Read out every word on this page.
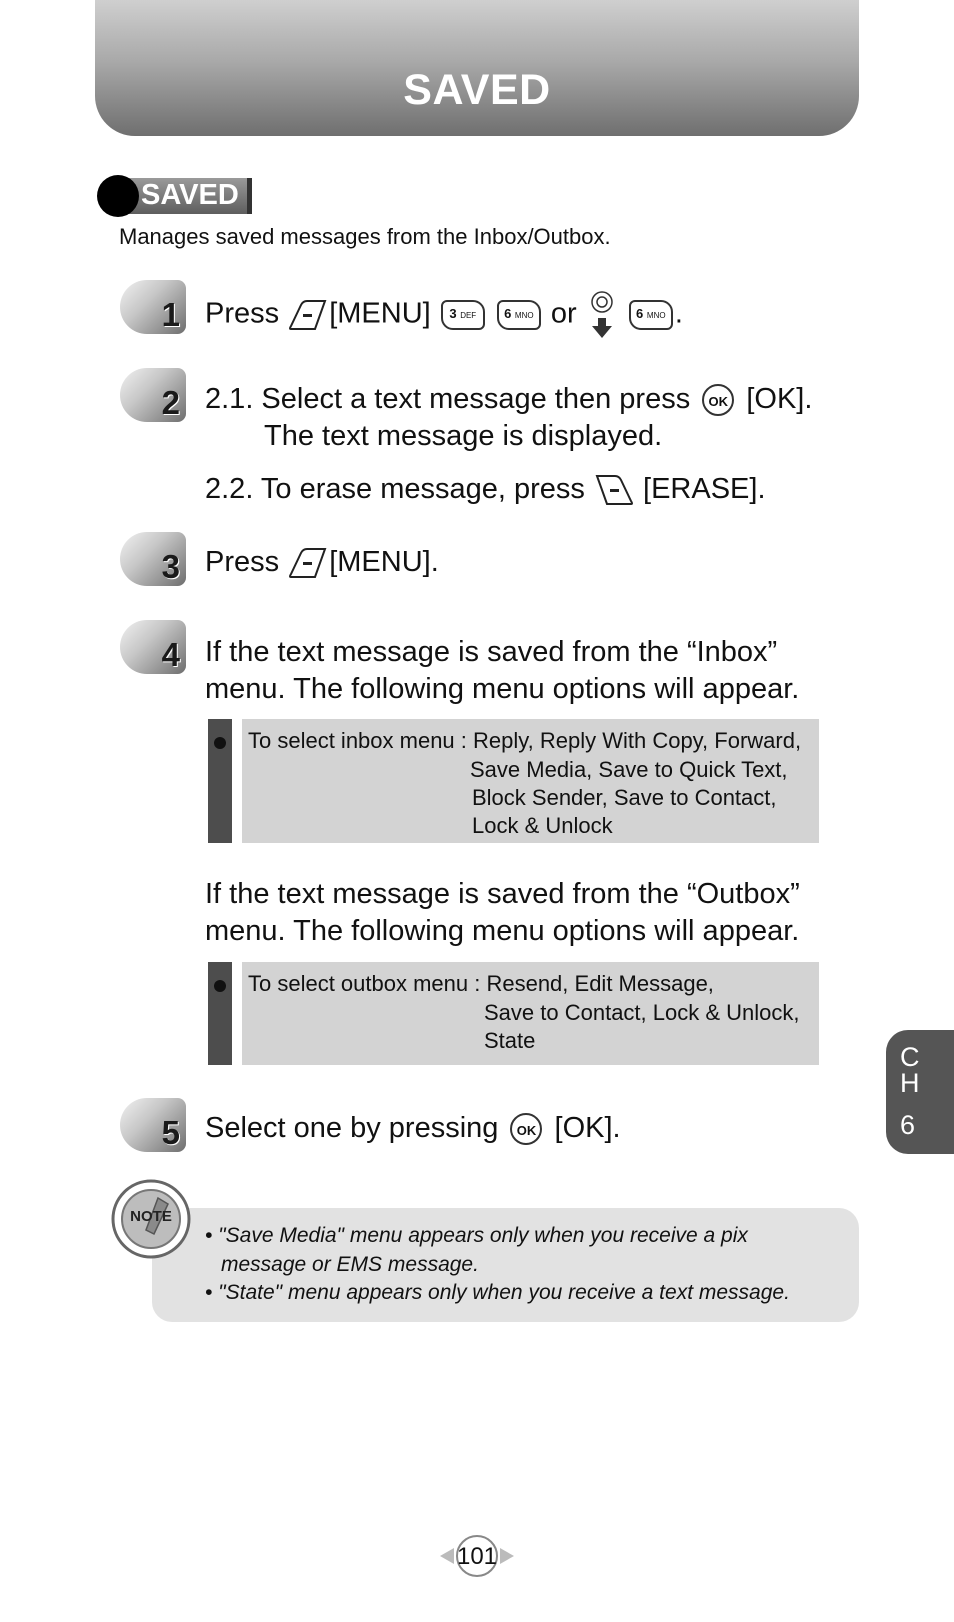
SAVED
SAVED
Manages saved messages from the Inbox/Outbox.
1 Press [MENU] 3 DEF 6 MNO or	6 MNO .
2 2.1. Select a text message then press OK [OK].
The text message is displayed.
2.2. To erase message, press [ERASE].
3 Press [MENU].
4 If the text message is saved from the “Inbox”
menu. The following menu options will appear.
To select inbox menu : Reply, Reply With Copy, Forward,
Save Media, Save to Quick Text,
Block Sender, Save to Contact,
Lock & Unlock
If the text message is saved from the “Outbox”
menu. The following menu options will appear.
To select outbox menu : Resend, Edit Message,
Save to Contact, Lock & Unlock,
State
5 Select one by pressing OK [OK].
NOTE
• "Save Media" menu appears only when you receive a pix
message or EMS message.
• "State" menu appears only when you receive a text message.
C
H
6
101
